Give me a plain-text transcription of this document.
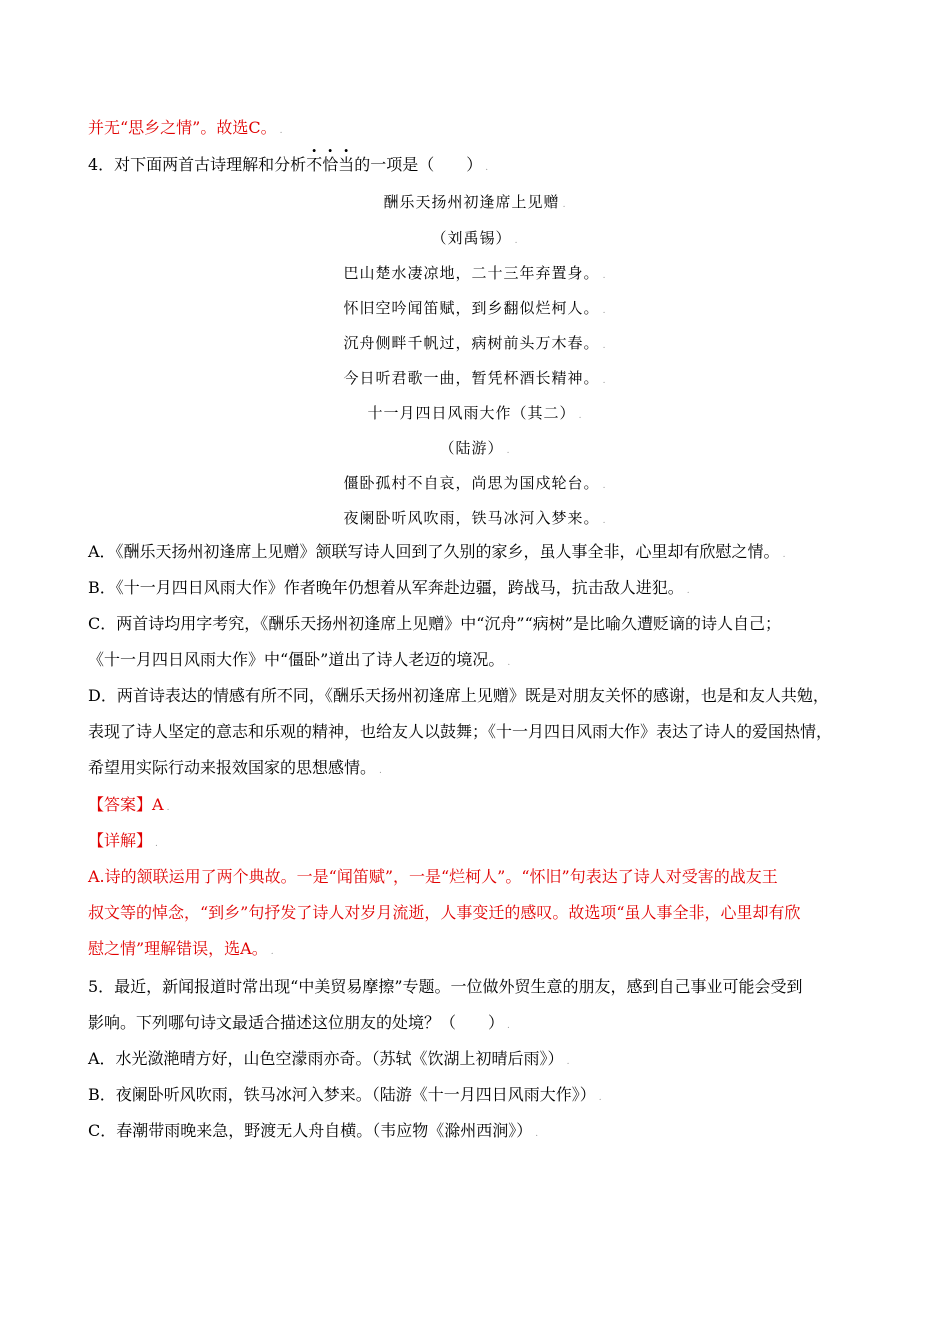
并无“思乡之情”。故选C。 .
4．对下面两首古诗理解和分析不恰当的一项是（　　） .
酬乐天扬州初逢席上见赠 .
（刘禹锡） .
巴山楚水凄凉地，二十三年弃置身。 .
怀旧空吟闻笛赋，到乡翻似烂柯人。 .
沉舟侧畔千帆过，病树前头万木春。 .
今日听君歌一曲，暂凭杯酒长精神。 .
十一月四日风雨大作（其二） .
（陆游） .
僵卧孤村不自哀，尚思为国戍轮台。 .
夜阑卧听风吹雨，铁马冰河入梦来。 .
A．《酬乐天扬州初逢席上见赠》颔联写诗人回到了久别的家乡，虽人事全非，心里却有欣慰之情。 .
B．《十一月四日风雨大作》作者晚年仍想着从军奔赴边疆，跨战马，抗击敌人进犯。 .
C．两首诗均用字考究，《酬乐天扬州初逢席上见赠》中“沉舟”“病树”是比喻久遭贬谪的诗人自己；
《十一月四日风雨大作》中“僵卧”道出了诗人老迈的境况。 .
D．两首诗表达的情感有所不同，《酬乐天扬州初逢席上见赠》既是对朋友关怀的感谢，也是和友人共勉，
表现了诗人坚定的意志和乐观的精神，也给友人以鼓舞；《十一月四日风雨大作》表达了诗人的爱国热情，
希望用实际行动来报效国家的思想感情。 .
【答案】A .
【详解】 .
A.诗的颔联运用了两个典故。一是“闻笛赋”，一是“烂柯人”。“怀旧”句表达了诗人对受害的战友王
叔文等的悼念，“到乡”句抒发了诗人对岁月流逝，人事变迁的感叹。故选项“虽人事全非，心里却有欣
慰之情”理解错误，选A。 .
5．最近，新闻报道时常出现“中美贸易摩擦”专题。一位做外贸生意的朋友，感到自己事业可能会受到
影响。下列哪句诗文最适合描述这位朋友的处境？（　　） .
A．水光潋滟晴方好，山色空濛雨亦奇。（苏轼《饮湖上初晴后雨》） .
B．夜阑卧听风吹雨，铁马冰河入梦来。（陆游《十一月四日风雨大作》） .
C．春潮带雨晚来急，野渡无人舟自横。（韦应物《滁州西涧》） .
